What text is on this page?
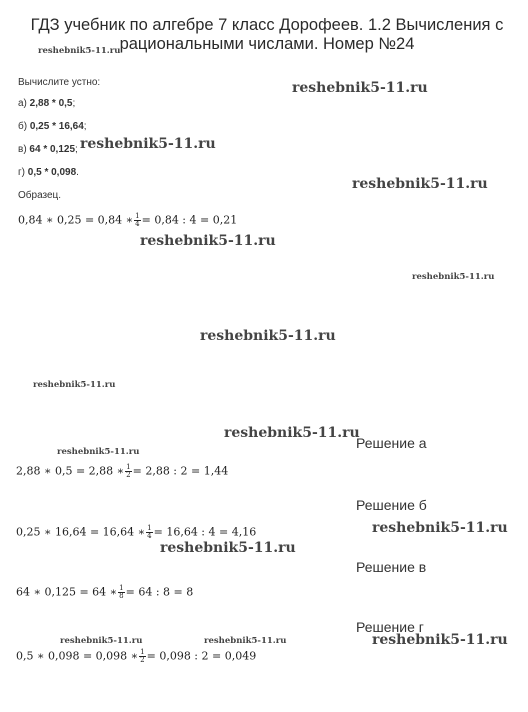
ГДЗ учебник по алгебре 7 класс Дорофеев. 1.2 Вычисления с рациональными числами. Номер №24
Вычислите устно:
а) 2,88 * 0,5;
б) 0,25 * 16,64;
в) 64 * 0,125;
г) 0,5 * 0,098.
Образец.
0,84 ∗ 0,25 = 0,84 ∗ $\frac{1}{4} = 0,84$ : 4 = 0,21
Решение а
2,88 ∗ 0,5 = 2,88 ∗ $\frac{1}{2} = 2,88$ : 2 = 1,44
Решение б
0,25 ∗ 16,64 = 16,64 ∗ $\frac{1}{4} = 16,64$ : 4 = 4,16
Решение в
64 ∗ 0,125 = 64 ∗ $\frac{1}{8} = 64$ : 8 = 8
Решение г
0,5 ∗ 0,098 = 0,098 ∗ $\frac{1}{2} = 0,098$ : 2 = 0,049
reshebnik5-11.ru
reshebnik5-11.ru
reshebnik5-11.ru
reshebnik5-11.ru
reshebnik5-11.ru
reshebnik5-11.ru
reshebnik5-11.ru
reshebnik5-11.ru
reshebnik5-11.ru
reshebnik5-11.ru
reshebnik5-11.ru
reshebnik5-11.ru
reshebnik5-11.ru	reshebnik5-11.ru	reshebnik5-11.ru
